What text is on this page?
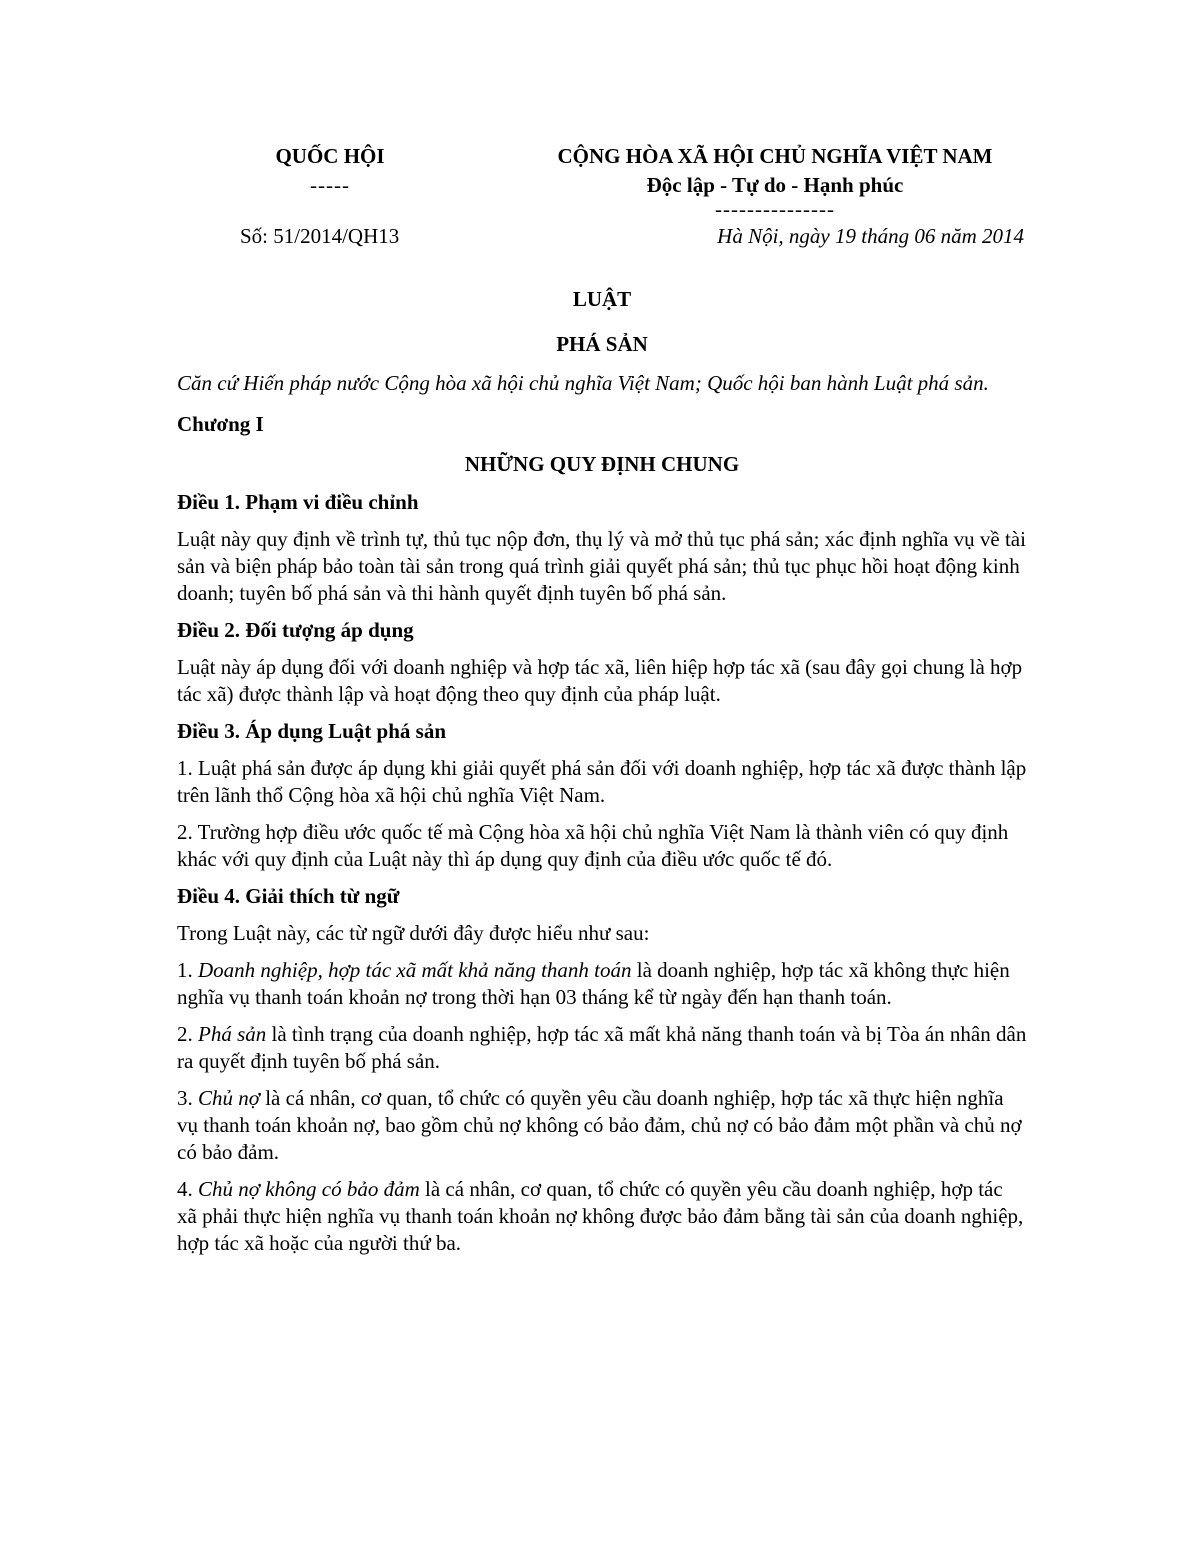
QUỐC HỘI
-----
CỘNG HÒA XÃ HỘI CHỦ NGHĨA VIỆT NAM
Độc lập - Tự do - Hạnh phúc
---------------
Số: 51/2014/QH13	Hà Nội, ngày 19 tháng 06 năm 2014
LUẬT
PHÁ SẢN
Căn cứ Hiến pháp nước Cộng hòa xã hội chủ nghĩa Việt Nam; Quốc hội ban hành Luật phá sản.
Chương I
NHỮNG QUY ĐỊNH CHUNG
Điều 1. Phạm vi điều chỉnh
Luật này quy định về trình tự, thủ tục nộp đơn, thụ lý và mở thủ tục phá sản; xác định nghĩa vụ về tài sản và biện pháp bảo toàn tài sản trong quá trình giải quyết phá sản; thủ tục phục hồi hoạt động kinh doanh; tuyên bố phá sản và thi hành quyết định tuyên bố phá sản.
Điều 2. Đối tượng áp dụng
Luật này áp dụng đối với doanh nghiệp và hợp tác xã, liên hiệp hợp tác xã (sau đây gọi chung là hợp tác xã) được thành lập và hoạt động theo quy định của pháp luật.
Điều 3. Áp dụng Luật phá sản
1. Luật phá sản được áp dụng khi giải quyết phá sản đối với doanh nghiệp, hợp tác xã được thành lập trên lãnh thổ Cộng hòa xã hội chủ nghĩa Việt Nam.
2. Trường hợp điều ước quốc tế mà Cộng hòa xã hội chủ nghĩa Việt Nam là thành viên có quy định khác với quy định của Luật này thì áp dụng quy định của điều ước quốc tế đó.
Điều 4. Giải thích từ ngữ
Trong Luật này, các từ ngữ dưới đây được hiểu như sau:
1. Doanh nghiệp, hợp tác xã mất khả năng thanh toán là doanh nghiệp, hợp tác xã không thực hiện nghĩa vụ thanh toán khoản nợ trong thời hạn 03 tháng kể từ ngày đến hạn thanh toán.
2. Phá sản là tình trạng của doanh nghiệp, hợp tác xã mất khả năng thanh toán và bị Tòa án nhân dân ra quyết định tuyên bố phá sản.
3. Chủ nợ là cá nhân, cơ quan, tổ chức có quyền yêu cầu doanh nghiệp, hợp tác xã thực hiện nghĩa vụ thanh toán khoản nợ, bao gồm chủ nợ không có bảo đảm, chủ nợ có bảo đảm một phần và chủ nợ có bảo đảm.
4. Chủ nợ không có bảo đảm là cá nhân, cơ quan, tổ chức có quyền yêu cầu doanh nghiệp, hợp tác xã phải thực hiện nghĩa vụ thanh toán khoản nợ không được bảo đảm bằng tài sản của doanh nghiệp, hợp tác xã hoặc của người thứ ba.
